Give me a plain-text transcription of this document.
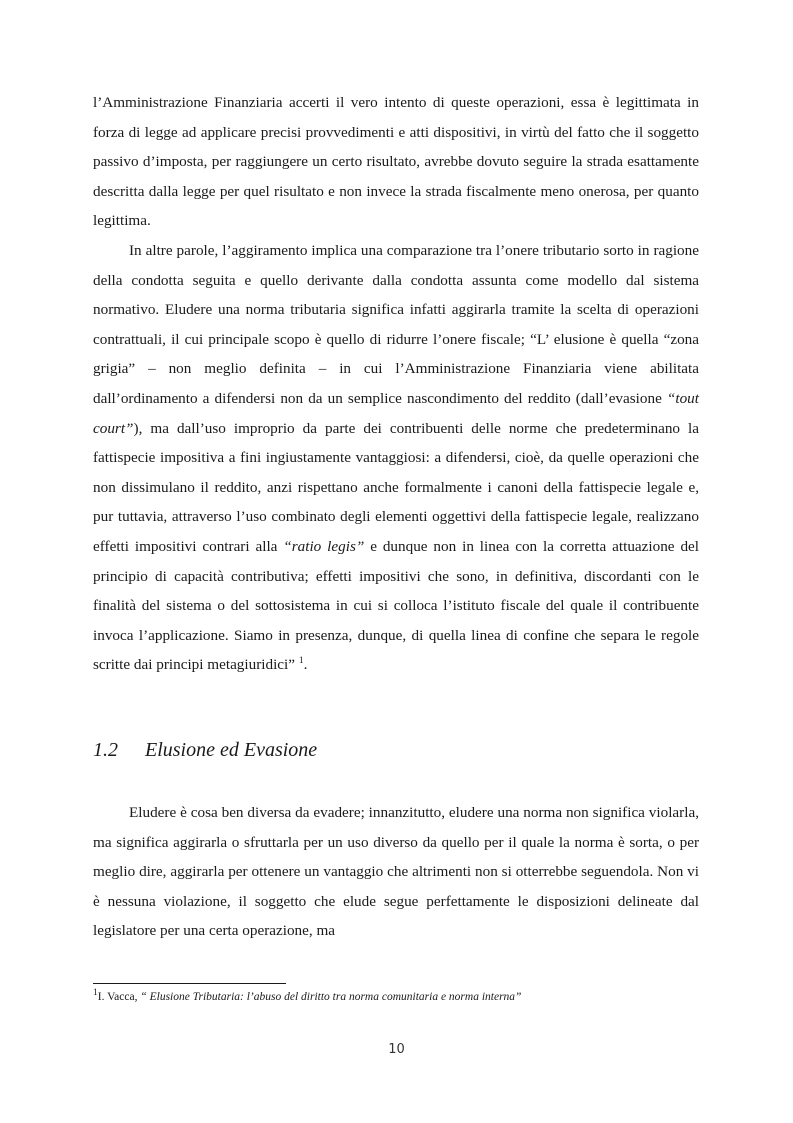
l’Amministrazione Finanziaria accerti il vero intento di queste operazioni, essa è legittimata in forza di legge ad applicare precisi provvedimenti e atti dispositivi, in virtù del fatto che il soggetto passivo d’imposta, per raggiungere un certo risultato, avrebbe dovuto seguire la strada esattamente descritta dalla legge per quel risultato e non invece la strada fiscalmente meno onerosa, per quanto legittima.

In altre parole, l’aggiramento implica una comparazione tra l’onere tributario sorto in ragione della condotta seguita e quello derivante dalla condotta assunta come modello dal sistema normativo. Eludere una norma tributaria significa infatti aggirarla tramite la scelta di operazioni contrattuali, il cui principale scopo è quello di ridurre l’onere fiscale; “L’ elusione è quella “zona grigia” – non meglio definita – in cui l’Amministrazione Finanziaria viene abilitata dall’ordinamento a difendersi non da un semplice nascondimento del reddito (dall’evasione “tout court”), ma dall’uso improprio da parte dei contribuenti delle norme che predeterminano la fattispecie impositiva a fini ingiustamente vantaggiosi: a difendersi, cioè, da quelle operazioni che non dissimulano il reddito, anzi rispettano anche formalmente i canoni della fattispecie legale e, pur tuttavia, attraverso l’uso combinato degli elementi oggettivi della fattispecie legale, realizzano effetti impositivi contrari alla “ratio legis” e dunque non in linea con la corretta attuazione del principio di capacità contributiva; effetti impositivi che sono, in definitiva, discordanti con le finalità del sistema o del sottosistema in cui si colloca l’istituto fiscale del quale il contribuente invoca l’applicazione. Siamo in presenza, dunque, di quella linea di confine che separa le regole scritte dai principi metagiuridici” $^1$.

1.2 Elusione ed Evasione

Eludere è cosa ben diversa da evadere; innanzitutto, eludere una norma non significa violarla, ma significa aggirarla o sfruttarla per un uso diverso da quello per il quale la norma è sorta, o per meglio dire, aggirarla per ottenere un vantaggio che altrimenti non si otterrebbe seguendola. Non vi è nessuna violazione, il soggetto che elude segue perfettamente le disposizioni delineate dal legislatore per una certa operazione, ma

$^1$I. Vacca, “ Elusione Tributaria: l’abuso del diritto tra norma comunitaria e norma interna”
10
